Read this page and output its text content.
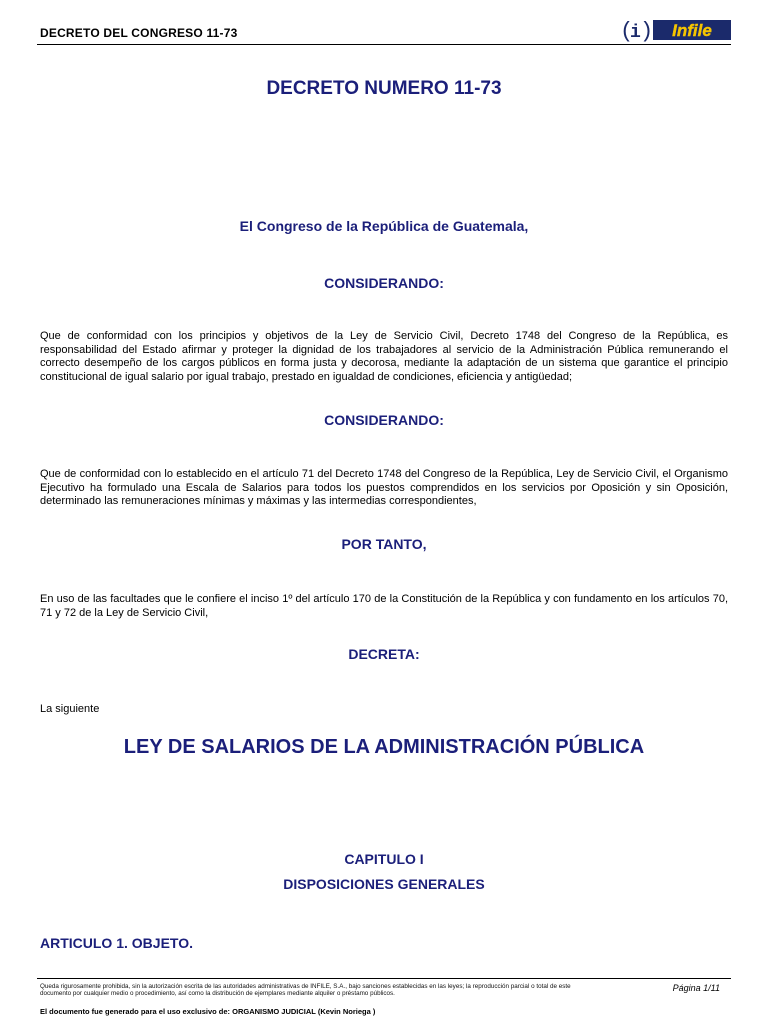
DECRETO DEL CONGRESO 11-73	(
i ) Infile
DECRETO NUMERO 11-73
El Congreso de la República de Guatemala,
CONSIDERANDO:
Que de conformidad con los principios y objetivos de la Ley de Servicio Civil, Decreto 1748 del Congreso de la República, es responsabilidad del Estado afirmar y proteger la dignidad de los trabajadores al servicio de la Administración Pública remunerando el correcto desempeño de los cargos públicos en forma justa y decorosa, mediante la adaptación de un sistema que garantice el principio constitucional de igual salario por igual trabajo, prestado en igualdad de condiciones, eficiencia y antigüedad;
CONSIDERANDO:
Que de conformidad con lo establecido en el artículo 71 del Decreto 1748 del Congreso de la República, Ley de Servicio Civil, el Organismo Ejecutivo ha formulado una Escala de Salarios para todos los puestos comprendidos en los servicios por Oposición y sin Oposición, determinado las remuneraciones mínimas y máximas y las intermedias correspondientes,
POR TANTO,
En uso de las facultades que le confiere el inciso 1º del artículo 170 de la Constitución de la República y con fundamento en los artículos 70, 71 y 72 de la Ley de Servicio Civil,
DECRETA:
La siguiente
LEY DE SALARIOS DE LA ADMINISTRACIÓN PÚBLICA
CAPITULO I
DISPOSICIONES GENERALES
ARTICULO 1. OBJETO.
Queda rigurosamente prohibida, sin la autorización escrita de las autoridades administrativas de INFILE, S.A., bajo sanciones establecidas en las leyes; la reproducción parcial o total de este documento por cualquier medio o procedimiento, así como la distribución de ejemplares mediante alquiler o préstamo públicos.
Página 1/11
El documento fue generado para el uso exclusivo de: ORGANISMO JUDICIAL (Kevin Noriega )
